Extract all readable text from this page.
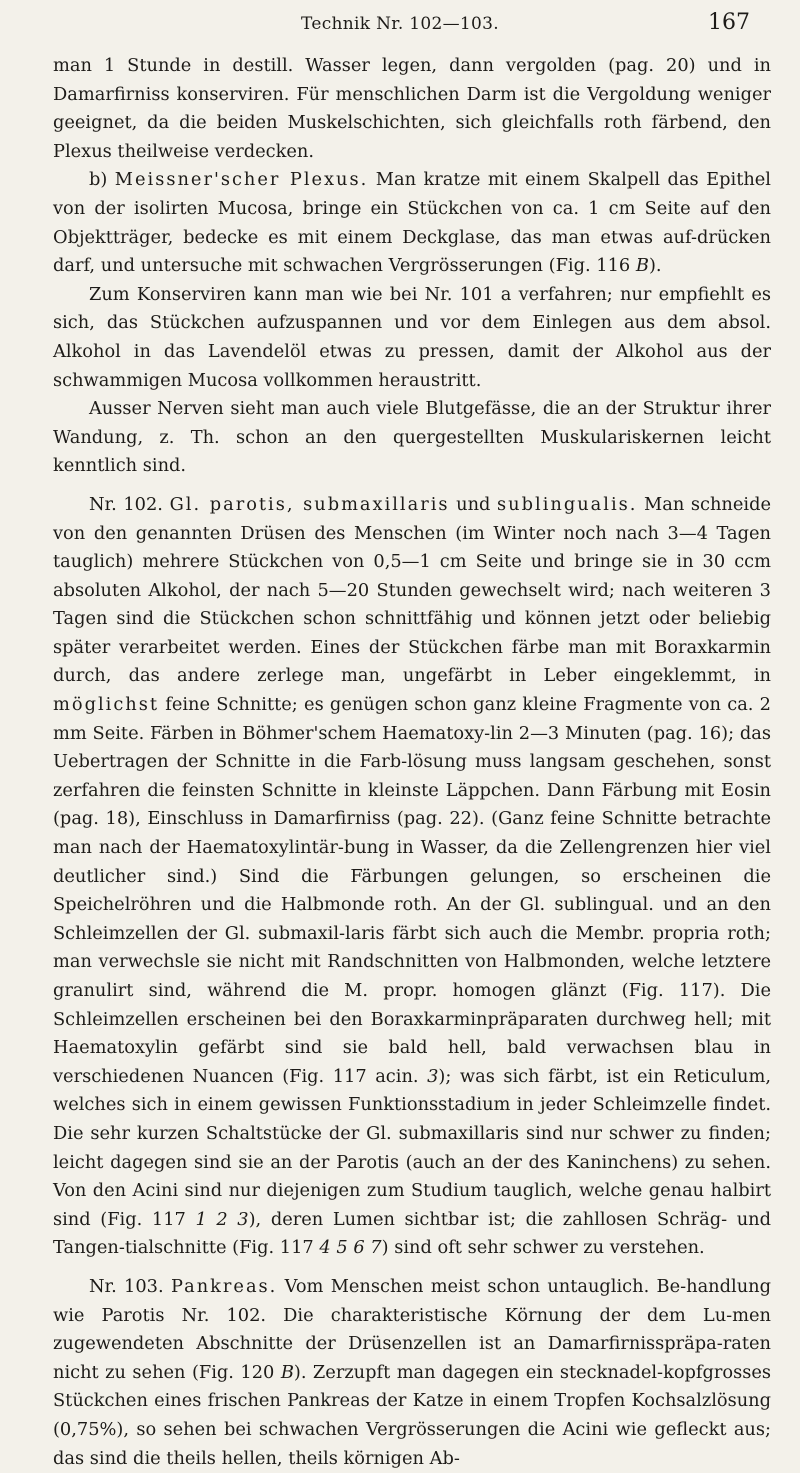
Technik Nr. 102—103.	167

man 1 Stunde in destill. Wasser legen, dann vergolden (pag. 20) und in Damarfirniss konserviren. Für menschlichen Darm ist die Vergoldung weniger geeignet, da die beiden Muskelschichten, sich gleichfalls roth färbend, den Plexus theilweise verdecken.

b) Meissner'scher Plexus. Man kratze mit einem Skalpell das Epithel von der isolirten Mucosa, bringe ein Stückchen von ca. 1 cm Seite auf den Objektträger, bedecke es mit einem Deckglase, das man etwas auf-drücken darf, und untersuche mit schwachen Vergrösserungen (Fig. 116 B).

Zum Konserviren kann man wie bei Nr. 101 a verfahren; nur empfiehlt es sich, das Stückchen aufzuspannen und vor dem Einlegen aus dem absol. Alkohol in das Lavendelöl etwas zu pressen, damit der Alkohol aus der schwammigen Mucosa vollkommen heraustritt.

Ausser Nerven sieht man auch viele Blutgefässe, die an der Struktur ihrer Wandung, z. Th. schon an den quergestellten Muskulariskernen leicht kenntlich sind.

Nr. 102. Gl. parotis, submaxillaris und sublingualis. Man schneide von den genannten Drüsen des Menschen (im Winter noch nach 3—4 Tagen tauglich) mehrere Stückchen von 0,5—1 cm Seite und bringe sie in 30 ccm absoluten Alkohol, der nach 5—20 Stunden gewechselt wird; nach weiteren 3 Tagen sind die Stückchen schon schnittfähig und können jetzt oder beliebig später verarbeitet werden. Eines der Stückchen färbe man mit Boraxkarmin durch, das andere zerlege man, ungefärbt in Leber eingeklemmt, in möglichst feine Schnitte; es genügen schon ganz kleine Fragmente von ca. 2 mm Seite. Färben in Böhmer'schem Haematoxy-lin 2—3 Minuten (pag. 16); das Uebertragen der Schnitte in die Farb-lösung muss langsam geschehen, sonst zerfahren die feinsten Schnitte in kleinste Läppchen. Dann Färbung mit Eosin (pag. 18), Einschluss in Damarfirniss (pag. 22). (Ganz feine Schnitte betrachte man nach der Haematoxylintär-bung in Wasser, da die Zellengrenzen hier viel deutlicher sind.) Sind die Färbungen gelungen, so erscheinen die Speichelröhren und die Halbmonde roth. An der Gl. sublingual. und an den Schleimzellen der Gl. submaxil-laris färbt sich auch die Membr. propria roth; man verwechsle sie nicht mit Randschnitten von Halbmonden, welche letztere granulirt sind, während die M. propr. homogen glänzt (Fig. 117). Die Schleimzellen erscheinen bei den Boraxkarminpräparaten durchweg hell; mit Haematoxylin gefärbt sind sie bald hell, bald verwachsen blau in verschiedenen Nuancen (Fig. 117 acin. 3); was sich färbt, ist ein Reticulum, welches sich in einem gewissen Funktionsstadium in jeder Schleimzelle findet. Die sehr kurzen Schaltstücke der Gl. submaxillaris sind nur schwer zu finden; leicht dagegen sind sie an der Parotis (auch an der des Kaninchens) zu sehen. Von den Acini sind nur diejenigen zum Studium tauglich, welche genau halbirt sind (Fig. 117 1 2 3), deren Lumen sichtbar ist; die zahllosen Schräg- und Tangen-tialschnitte (Fig. 117 4 5 6 7) sind oft sehr schwer zu verstehen.

Nr. 103. Pankreas. Vom Menschen meist schon untauglich. Be-handlung wie Parotis Nr. 102. Die charakteristische Körnung der dem Lu-men zugewendeten Abschnitte der Drüsenzellen ist an Damarfirnisspräpa-raten nicht zu sehen (Fig. 120 B). Zerzupft man dagegen ein stecknadel-kopfgrosses Stückchen eines frischen Pankreas der Katze in einem Tropfen Kochsalzlösung (0,75%), so sehen bei schwachen Vergrösserungen die Acini wie gefleckt aus; das sind die theils hellen, theils körnigen Ab-
